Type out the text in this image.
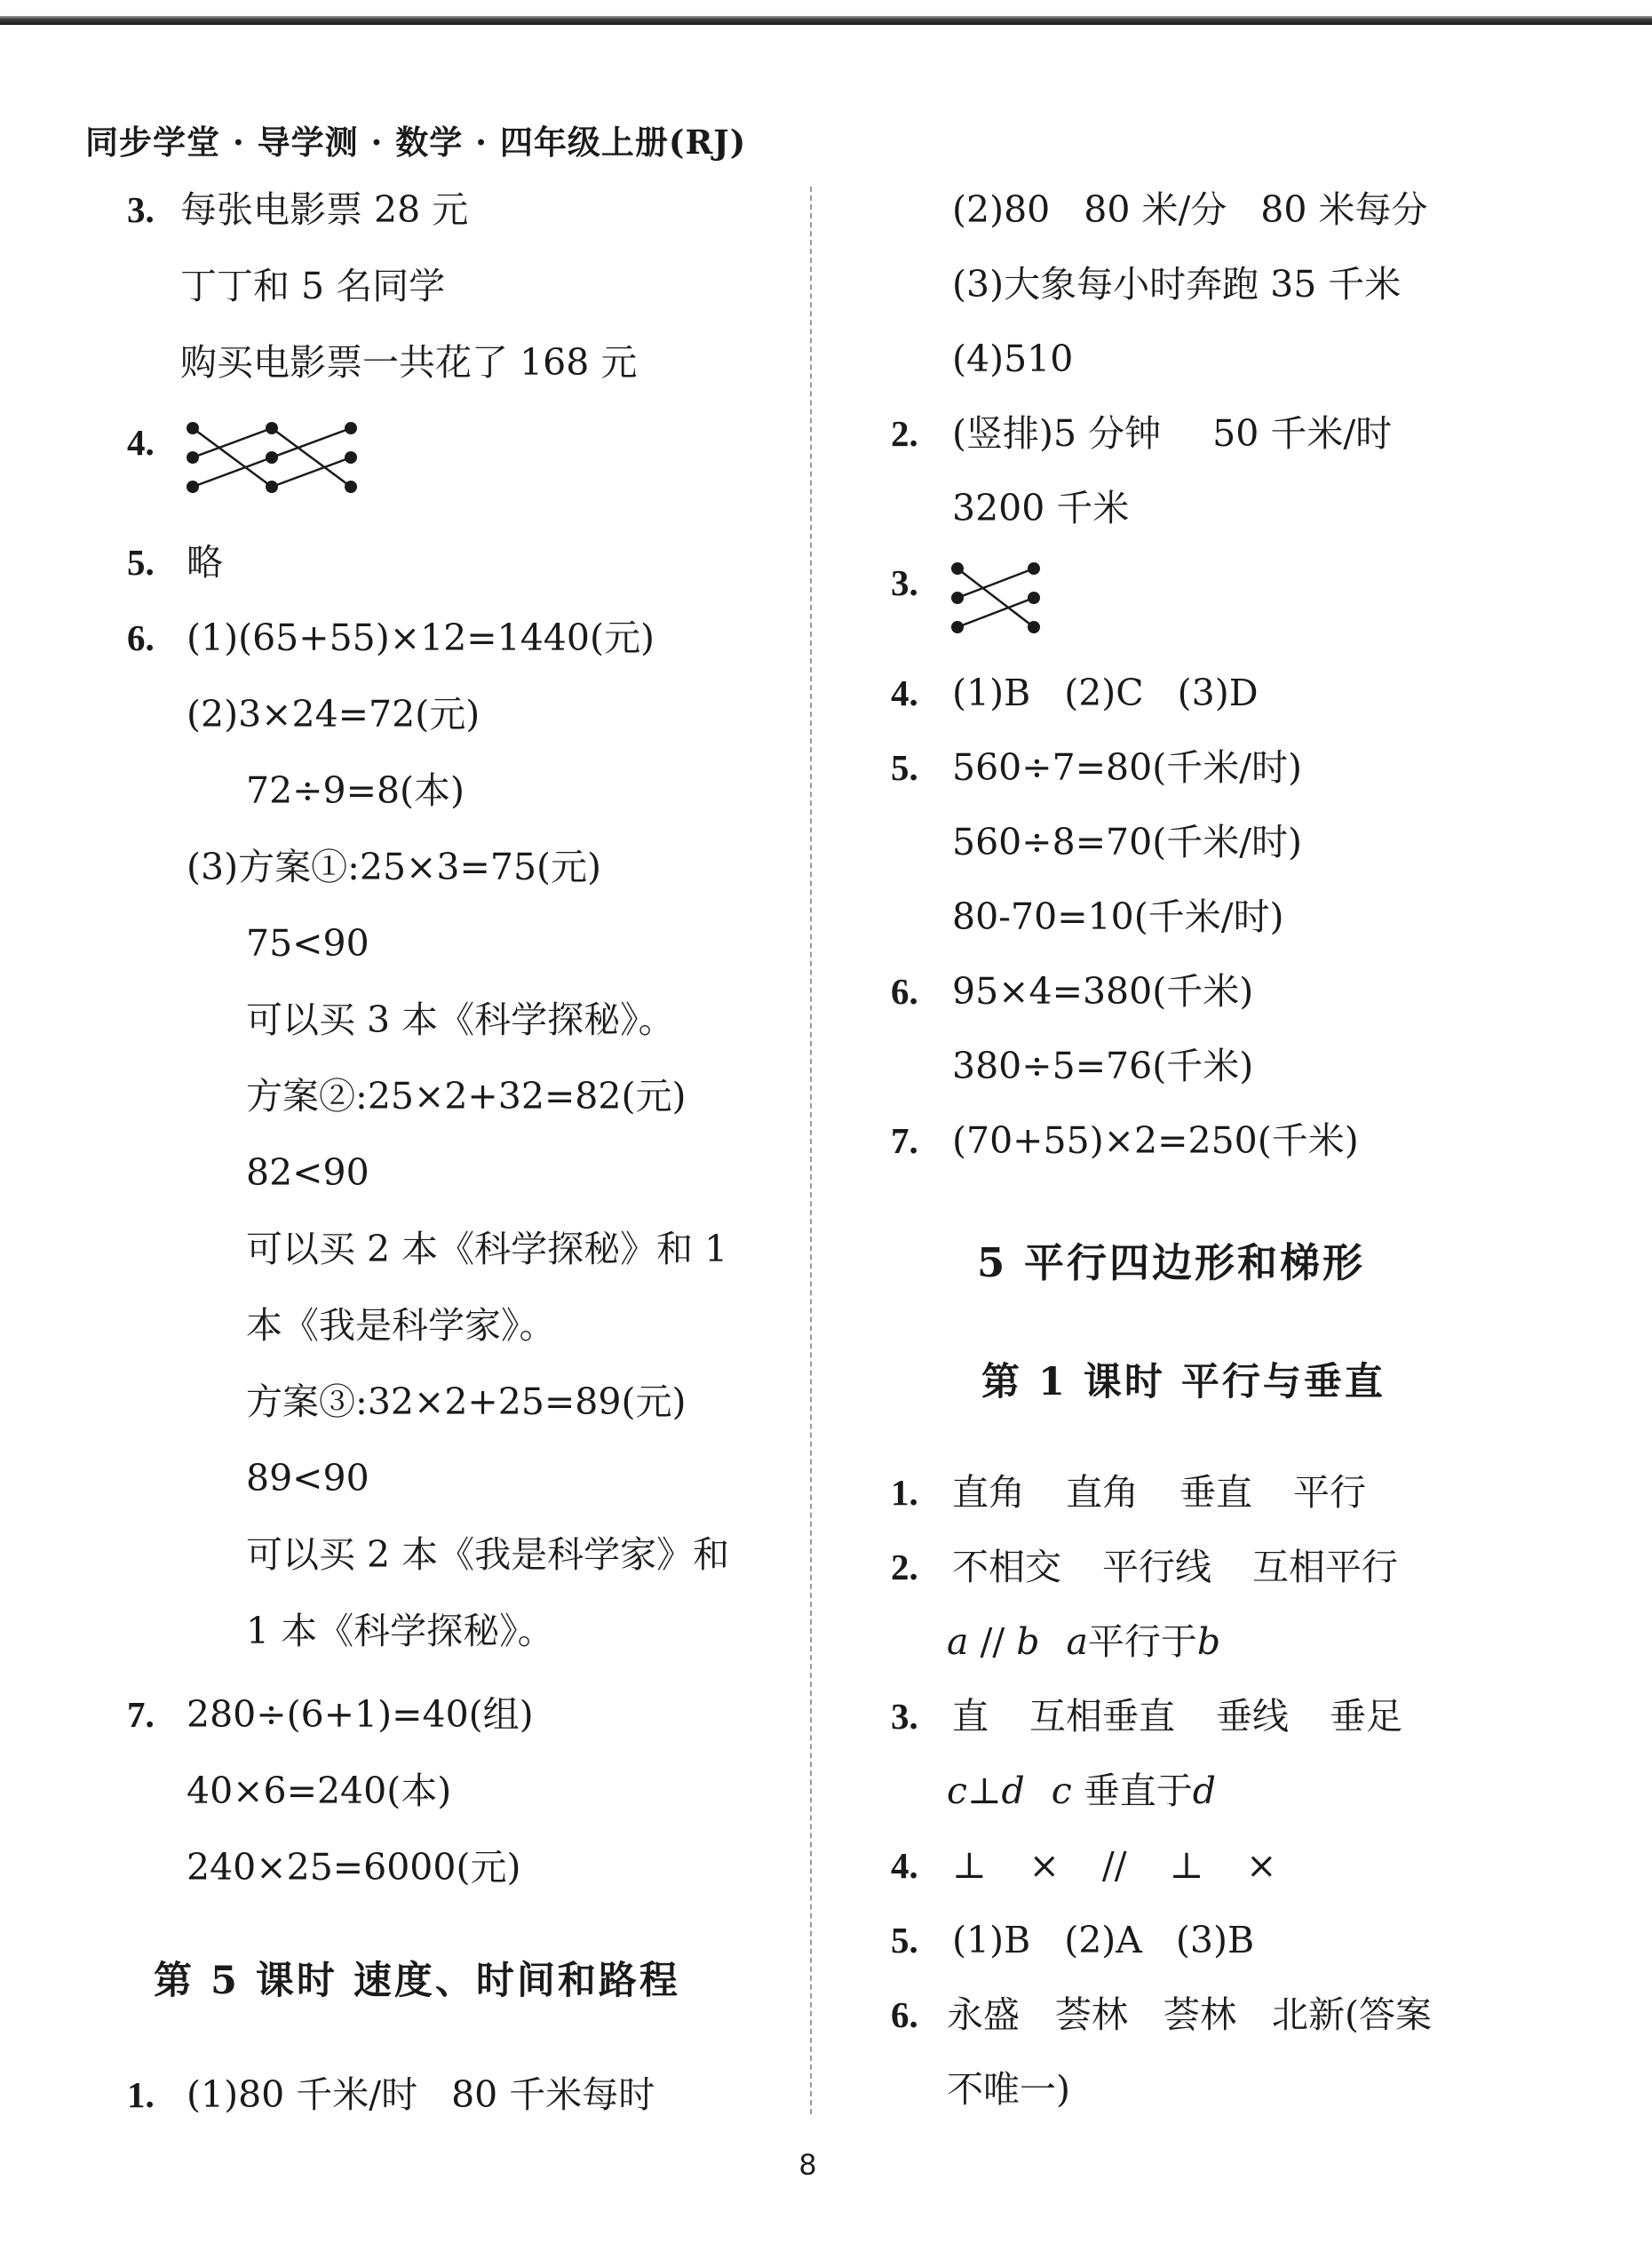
同步学堂 · 导学测 · 数学 · 四年级上册(RJ)
3. 每张电影票 28 元
丁丁和 5 名同学
购买电影票一共花了 168 元
4.
5. 略
6. (1)(65+55)×12=1440(元)
(2)3×24=72(元)
72÷9=8(本)
(3)方案①:25×3=75(元)
75<90
可以买 3 本《科学探秘》。
方案②:25×2+32=82(元)
82<90
可以买 2 本《科学探秘》和 1
本《我是科学家》。
方案③:32×2+25=89(元)
89<90
可以买 2 本《我是科学家》和
1 本《科学探秘》。
7. 280÷(6+1)=40(组)
40×6=240(本)
240×25=6000(元)
第 5 课时 速度、时间和路程
1. (1)80 千米/时 80 千米每时
(2)80 80 米/分 80 米每分
(3)大象每小时奔跑 35 千米
(4)510
2. (竖排)5 分钟 50 千米/时
3200 千米
3.
4. (1)B (2)C (3)D
5. 560÷7=80(千米/时)
560÷8=70(千米/时)
80-70=10(千米/时)
6. 95×4=380(千米)
380÷5=76(千米)
7. (70+55)×2=250(千米)
5 平行四边形和梯形
第 1 课时 平行与垂直
1. 直角 直角 垂直 平行
2. 不相交 平行线 互相平行
a // b a平行于b
3. 直 互相垂直 垂线 垂足
c⊥d c 垂直于d
4. ⊥ × // ⊥ ×
5. (1)B (2)A (3)B
6. 永盛 荟林 荟林 北新(答案
不唯一)
8
